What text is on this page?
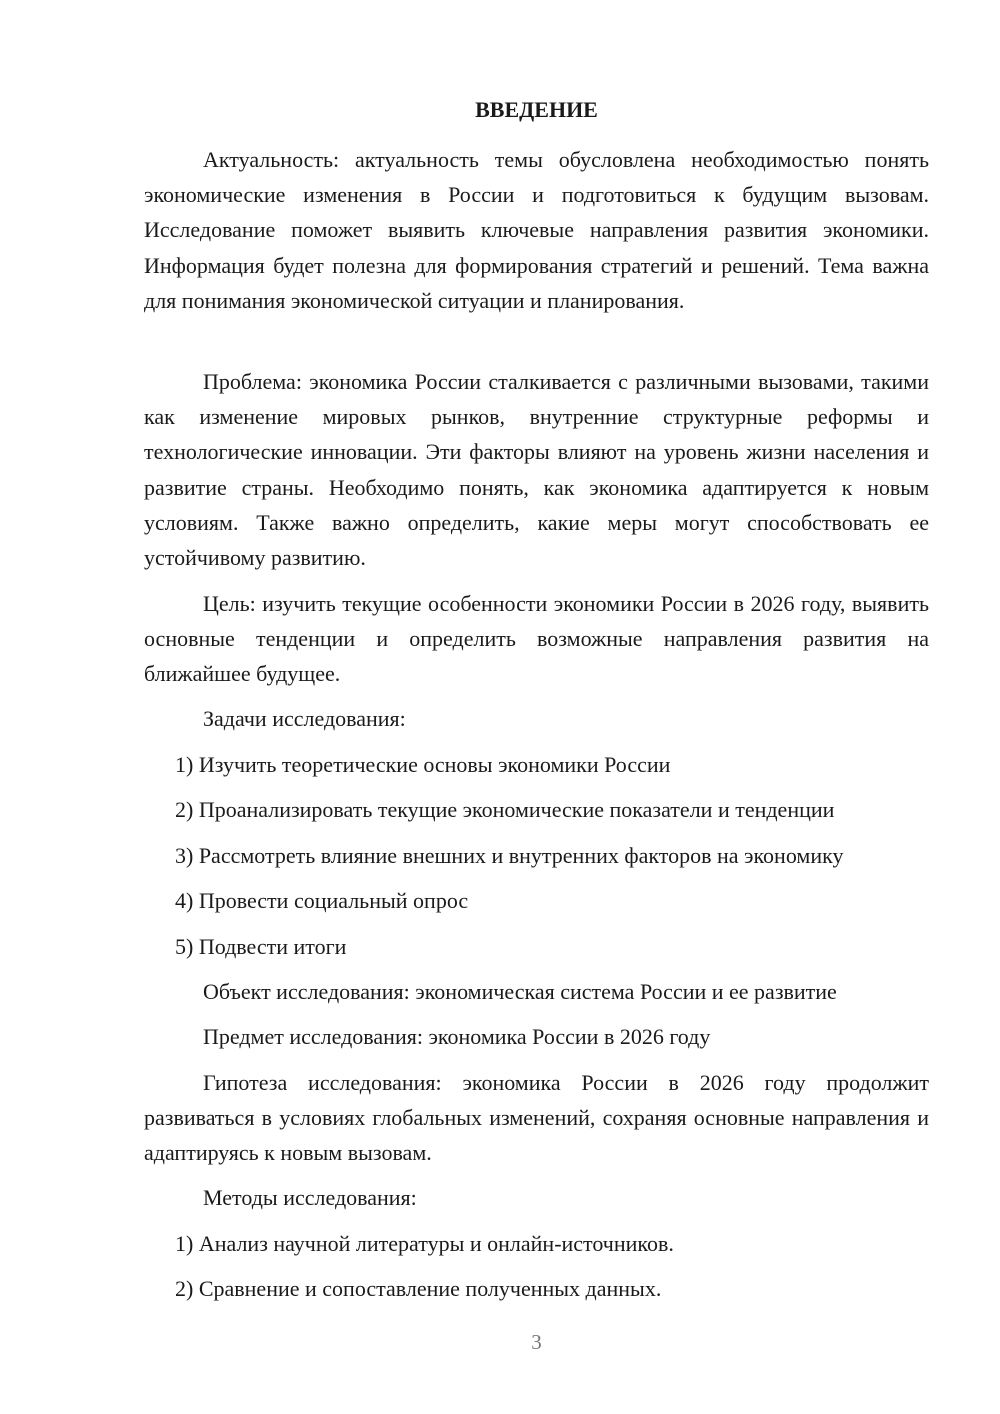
ВВЕДЕНИЕ
Актуальность: актуальность темы обусловлена необходимостью понять экономические изменения в России и подготовиться к будущим вызовам. Исследование поможет выявить ключевые направления развития экономики. Информация будет полезна для формирования стратегий и решений. Тема важна для понимания экономической ситуации и планирования.
Проблема: экономика России сталкивается с различными вызовами, такими как изменение мировых рынков, внутренние структурные реформы и технологические инновации. Эти факторы влияют на уровень жизни населения и развитие страны. Необходимо понять, как экономика адаптируется к новым условиям. Также важно определить, какие меры могут способствовать ее устойчивому развитию.
Цель: изучить текущие особенности экономики России в 2026 году, выявить основные тенденции и определить возможные направления развития на ближайшее будущее.
Задачи исследования:
1) Изучить теоретические основы экономики России
2) Проанализировать текущие экономические показатели и тенденции
3) Рассмотреть влияние внешних и внутренних факторов на экономику
4) Провести социальный опрос
5) Подвести итоги
Объект исследования: экономическая система России и ее развитие
Предмет исследования: экономика России в 2026 году
Гипотеза исследования: экономика России в 2026 году продолжит развиваться в условиях глобальных изменений, сохраняя основные направления и адаптируясь к новым вызовам.
Методы исследования:
1) Анализ научной литературы и онлайн-источников.
2) Сравнение и сопоставление полученных данных.
3
